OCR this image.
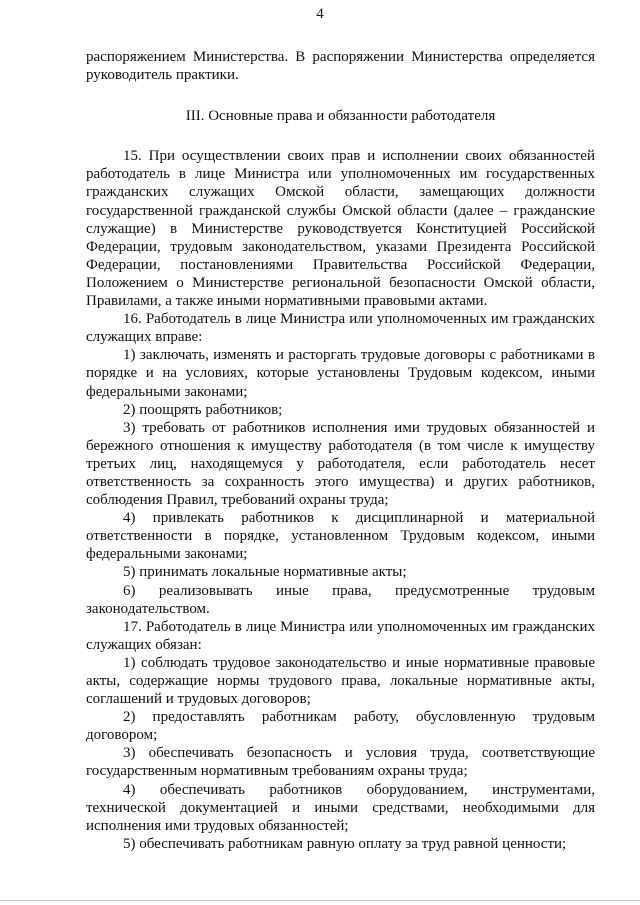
4

распоряжением Министерства. В распоряжении Министерства определяется руководитель практики.

III. Основные права и обязанности работодателя

15. При осуществлении своих прав и исполнении своих обязанностей работодатель в лице Министра или уполномоченных им государственных гражданских служащих Омской области, замещающих должности государственной гражданской службы Омской области (далее – гражданские служащие) в Министерстве руководствуется Конституцией Российской Федерации, трудовым законодательством, указами Президента Российской Федерации, постановлениями Правительства Российской Федерации, Положением о Министерстве региональной безопасности Омской области, Правилами, а также иными нормативными правовыми актами.

16. Работодатель в лице Министра или уполномоченных им гражданских служащих вправе:

1) заключать, изменять и расторгать трудовые договоры с работниками в порядке и на условиях, которые установлены Трудовым кодексом, иными федеральными законами;

2) поощрять работников;

3) требовать от работников исполнения ими трудовых обязанностей и бережного отношения к имуществу работодателя (в том числе к имуществу третьих лиц, находящемуся у работодателя, если работодатель несет ответственность за сохранность этого имущества) и других работников, соблюдения Правил, требований охраны труда;

4) привлекать работников к дисциплинарной и материальной ответственности в порядке, установленном Трудовым кодексом, иными федеральными законами;

5) принимать локальные нормативные акты;

6) реализовывать иные права, предусмотренные трудовым законодательством.

17. Работодатель в лице Министра или уполномоченных им гражданских служащих обязан:

1) соблюдать трудовое законодательство и иные нормативные правовые акты, содержащие нормы трудового права, локальные нормативные акты, соглашений и трудовых договоров;

2) предоставлять работникам работу, обусловленную трудовым договором;

3) обеспечивать безопасность и условия труда, соответствующие государственным нормативным требованиям охраны труда;

4) обеспечивать работников оборудованием, инструментами, технической документацией и иными средствами, необходимыми для исполнения ими трудовых обязанностей;

5) обеспечивать работникам равную оплату за труд равной ценности;
